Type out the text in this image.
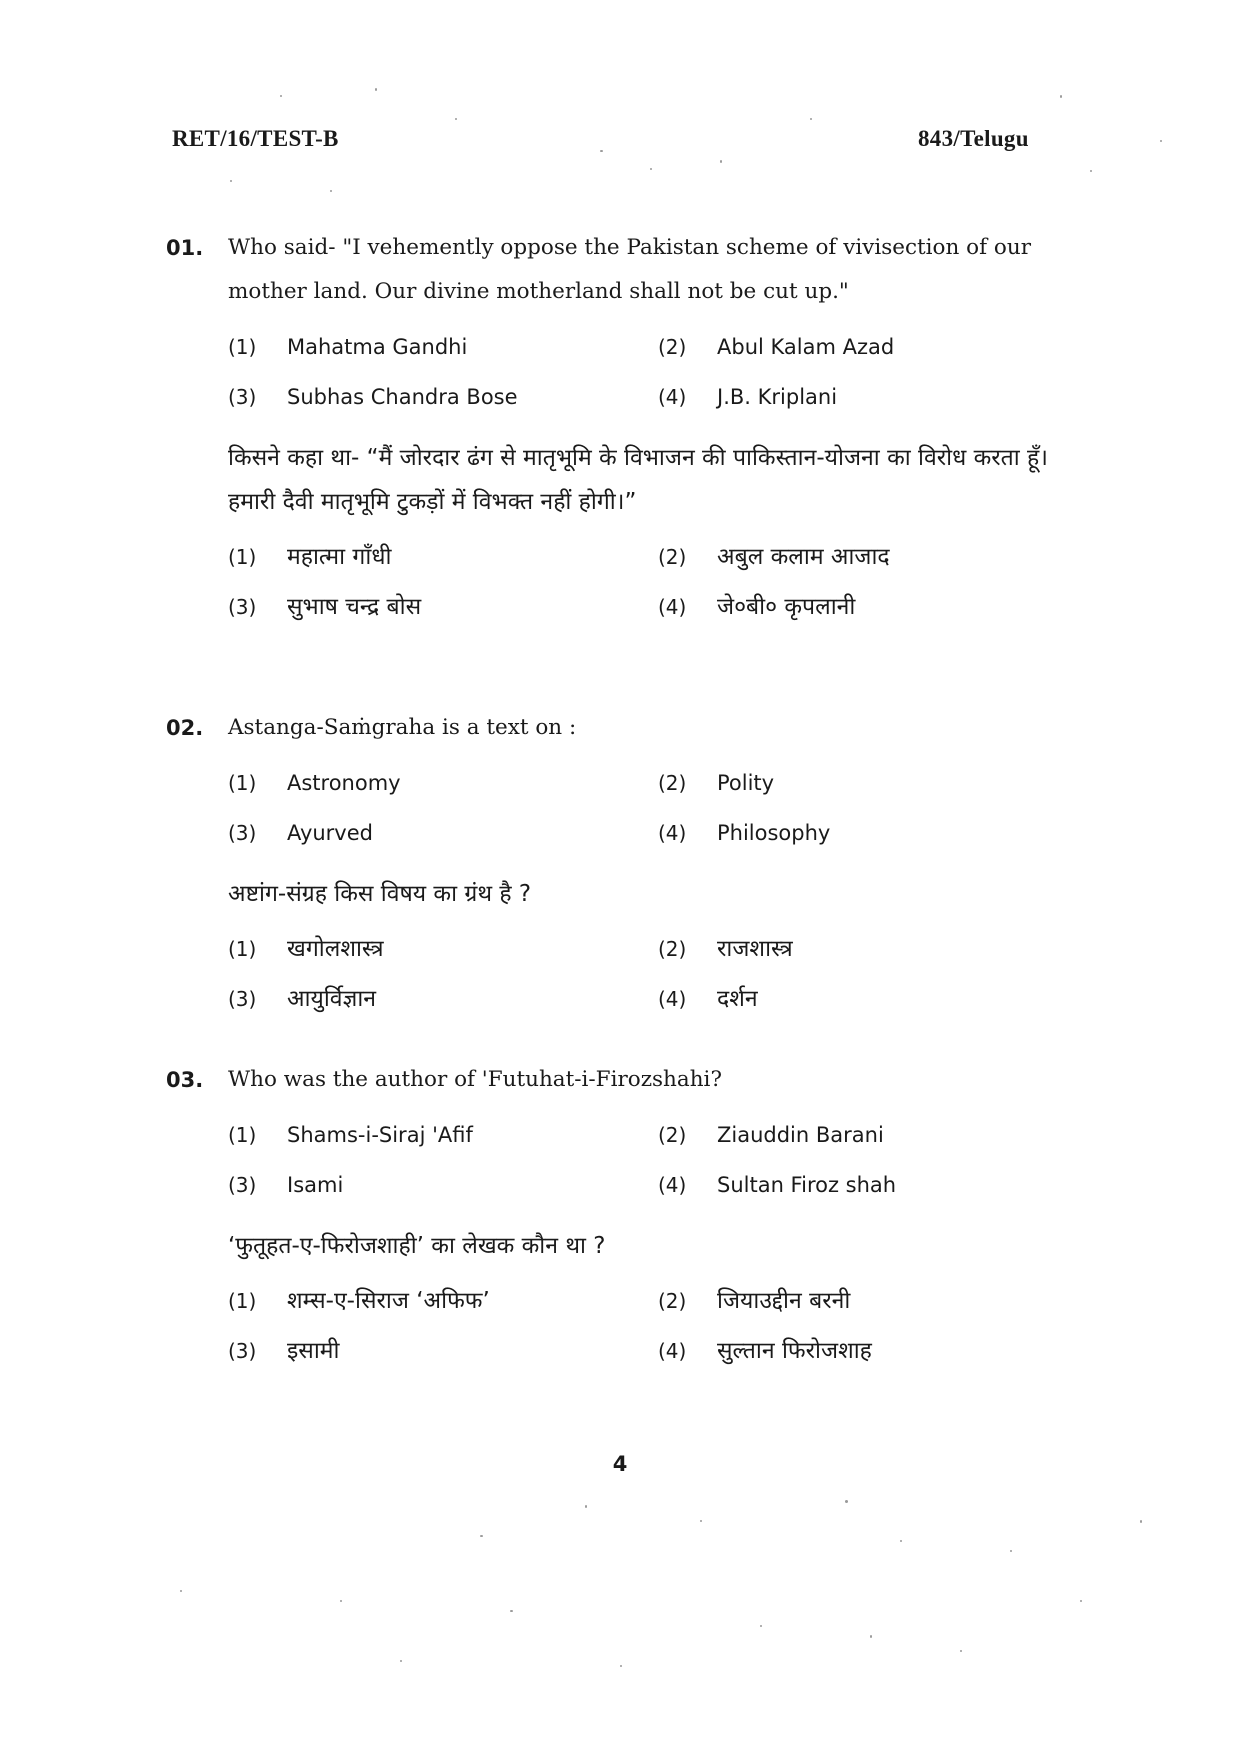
RET/16/TEST-B	843/Telugu
01. Who said- "I vehemently oppose the Pakistan scheme of vivisection of our mother land. Our divine motherland shall not be cut up."
(1)	Mahatma Gandhi	(2)	Abul Kalam Azad
(3)	Subhas Chandra Bose	(4)	J.B. Kriplani
किसने कहा था- “मैं जोरदार ढंग से मातृभूमि के विभाजन की पाकिस्तान-योजना का विरोध करता हूँ। हमारी दैवी मातृभूमि टुकड़ों में विभक्त नहीं होगी।”
(1)	महात्मा गाँधी	(2)	अबुल कलाम आजाद
(3)	सुभाष चन्द्र बोस	(4)	जे०बी० कृपलानी
02. Astanga-Saṁgraha is a text on :
(1)	Astronomy	(2)	Polity
(3)	Ayurved	(4)	Philosophy
अष्टांग-संग्रह किस विषय का ग्रंथ है ?
(1)	खगोलशास्त्र	(2)	राजशास्त्र
(3)	आयुर्विज्ञान	(4)	दर्शन
03. Who was the author of 'Futuhat-i-Firozshahi?
(1)	Shams-i-Siraj 'Afif	(2)	Ziauddin Barani
(3)	Isami	(4)	Sultan Firoz shah
‘फुतूहत-ए-फिरोजशाही’ का लेखक कौन था ?
(1)	शम्स-ए-सिराज ‘अफिफ’	(2)	जियाउद्दीन बरनी
(3)	इसामी	(4)	सुल्तान फिरोजशाह
4
